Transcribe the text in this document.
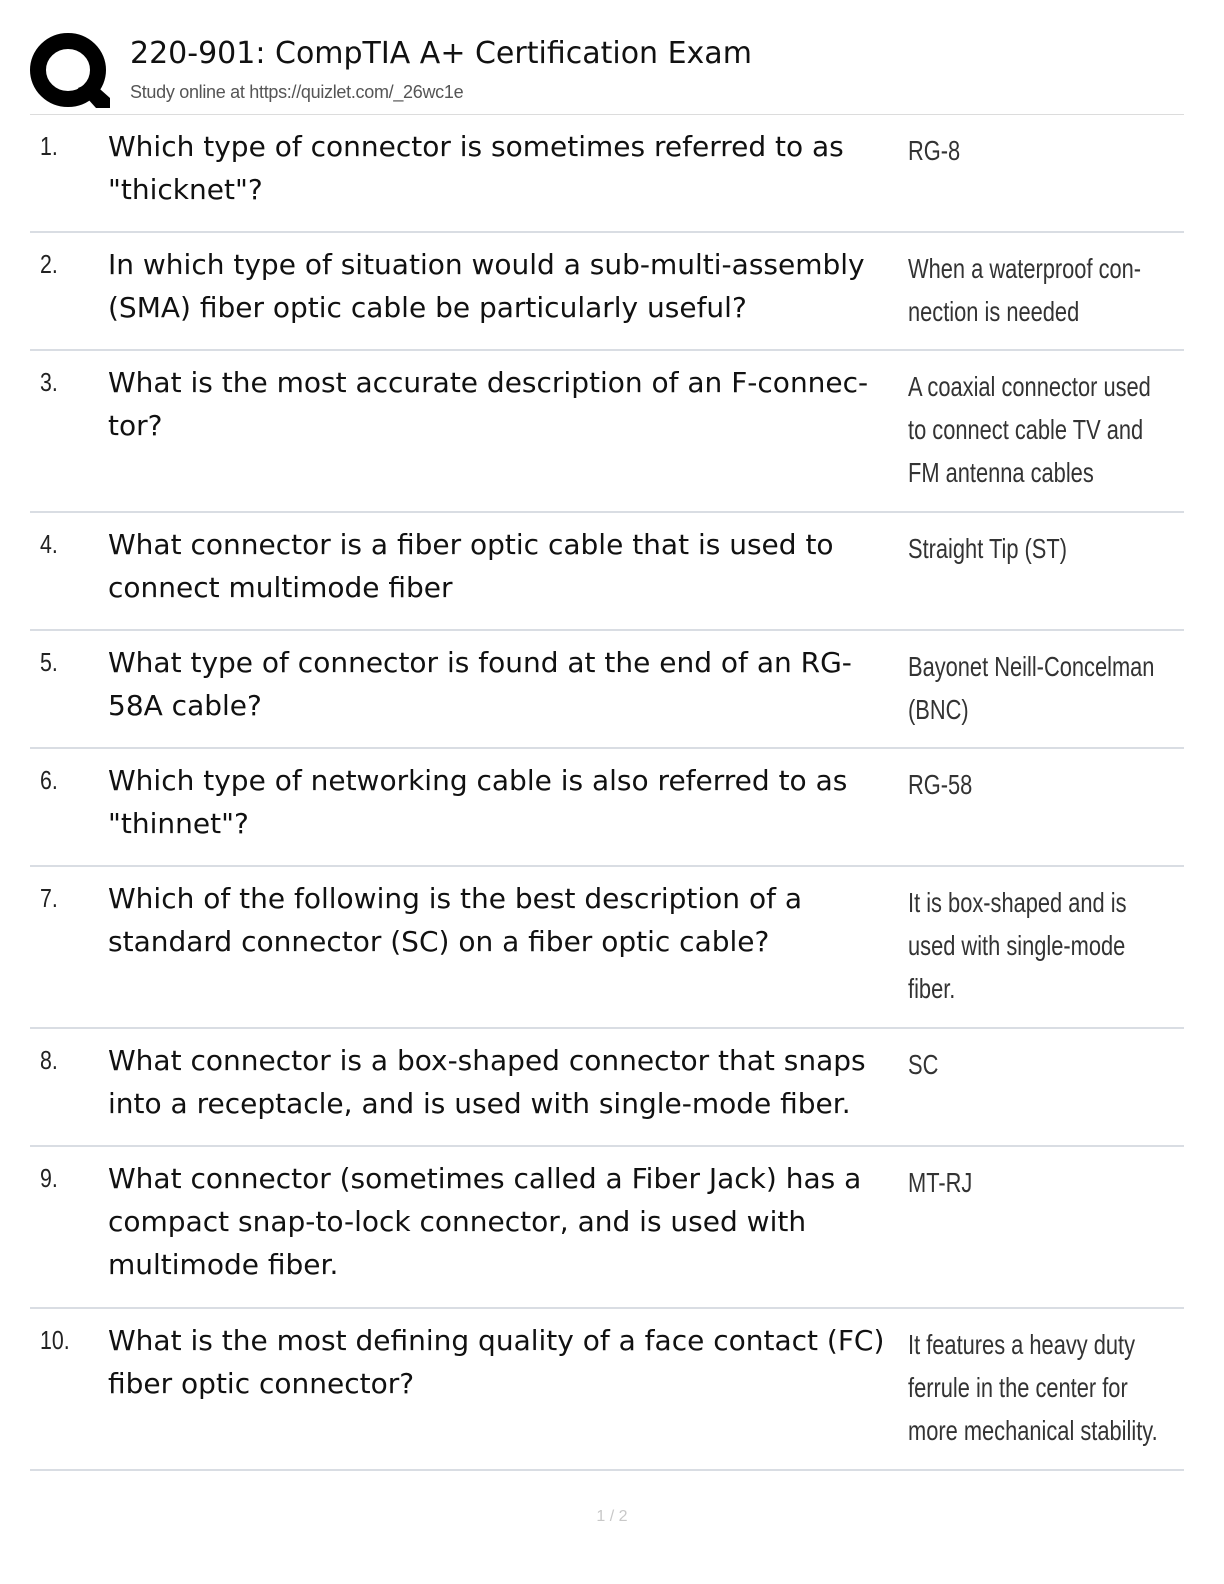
220-901: CompTIA A+ Certification Exam
Study online at https://quizlet.com/_26wc1e
1. Which type of connector is sometimes referred to as "thicknet"?
RG-8
2. In which type of situation would a sub-multi-assembly (SMA) fiber optic cable be particularly useful?
When a waterproof con- nection is needed
3. What is the most accurate description of an F-connec- tor?
A coaxial connector used to connect cable TV and FM antenna cables
4. What connector is a fiber optic cable that is used to connect multimode fiber
Straight Tip (ST)
5. What type of connector is found at the end of an RG-58A cable?
Bayonet Neill-Concelman (BNC)
6. Which type of networking cable is also referred to as "thinnet"?
RG-58
7. Which of the following is the best description of a standard connector (SC) on a fiber optic cable?
It is box-shaped and is used with single-mode fiber.
8. What connector is a box-shaped connector that snaps into a receptacle, and is used with single-mode fiber.
SC
9. What connector (sometimes called a Fiber Jack) has a compact snap-to-lock connector, and is used with multimode fiber.
MT-RJ
10. What is the most defining quality of a face contact (FC) fiber optic connector?
It features a heavy duty ferrule in the center for more mechanical stability.
1 / 2
